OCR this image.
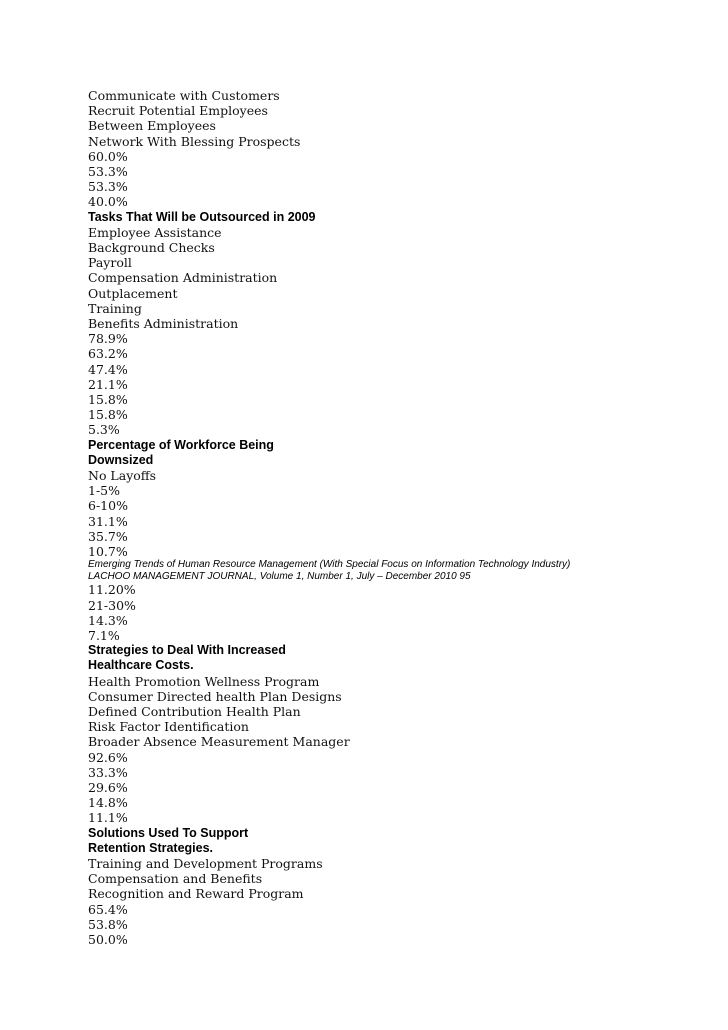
Communicate with Customers
Recruit Potential Employees
Between Employees
Network With Blessing Prospects
60.0%
53.3%
53.3%
40.0%
Tasks That Will be Outsourced in 2009
Employee Assistance
Background Checks
Payroll
Compensation Administration
Outplacement
Training
Benefits Administration
78.9%
63.2%
47.4%
21.1%
15.8%
15.8%
5.3%
Percentage of Workforce Being
Downsized
No Layoffs
1-5%
6-10%
31.1%
35.7%
10.7%
Emerging Trends of Human Resource Management (With Special Focus on Information Technology Industry)
LACHOO MANAGEMENT JOURNAL, Volume 1, Number 1, July – December 2010 95
11.20%
21-30%
14.3%
7.1%
Strategies to Deal With Increased
Healthcare Costs.
Health Promotion Wellness Program
Consumer Directed health Plan Designs
Defined Contribution Health Plan
Risk Factor Identification
Broader Absence Measurement Manager
92.6%
33.3%
29.6%
14.8%
11.1%
Solutions Used To Support
Retention Strategies.
Training and Development Programs
Compensation and Benefits
Recognition and Reward Program
65.4%
53.8%
50.0%
